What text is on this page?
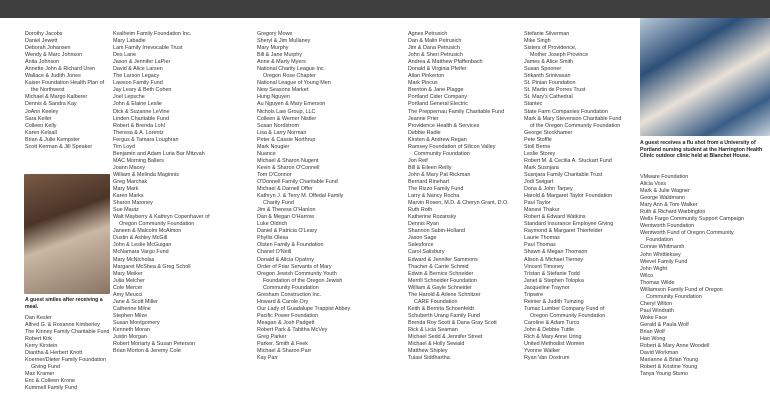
Dorothy Jacobs
Daniel Jewett
Deborah Johansen
Wendy & Marc Johnson
Anita Johnson
Annette John & Richard Uren
Wallace & Judith Jones
Kaiser Foundation Health Plan of
the Northwest
Michael & Margo Kalberer
Dennis & Sandra Kay
JoAnn Keeley
Sara Keller
Colleen Kelly
Karen Kelsall
Brian & Julie Kempster
Scott Kerman & Jill Speaker
A guest smiles after receiving a meal.
Dan Kesler
Alfred G. & Roxanne Kimberley
The Kinney Family Charitable Fund
Robert Kirk
Kerry Kirstein
Diantha & Herbert Knott
Koerner/Dieter Family Foundation
Giving Fund
Max Kramer
Eric & Colleen Krone
Kummell Family Fund
Kvalheim Family Foundation Inc.
Mary Labadie
Lam Family Irrevocable Trust
Des Lane
Jason & Jennifer LaPier
David & Alice Larsen
The Larson Legacy
Lawson Family Fund
Jay Leary & Beth Cohen
Joel Lepsche
John & Elaine Leslie
Dick & Suzanne LeVine
Linden Charitable Fund
Robert & Brenda Lohl
Theresa & A. Lorentz
Fergus & Tamara Loughran
Tim Loyd
Benjamin and Adam Luria Bar Mitzvah
MAC Morning Ballers
Joann Macey
William & Melinda Maginnis
Greg Marchak
Mary Mark
Karen Marks
Sharon Maroney
Sue Mautz
Walt Mayberry & Kathryn Copenhaver of
Oregon Community Foundation
Janeen & Malcolm McAlmon
Dustin & Ashley McGill
John & Leslie McGuigan
McNamara Vargo Fund
Mary McNicholas
Margaret McShea & Greg Scholl
Mary Meiker
Julia Melcher
Cole Mercer
Amy Meucci
Jane & Scott Miller
Catherine Milne
Stephen Milze
Susan Montgomery
Kenneth Moran
Justin Morgan
Robert Moriarty & Susan Peterson
Brian Morton & Jeremy Cole
Gregory Mowe
Sheryl & Jim Mullaney
Mary Murphy
Bill & Jane Murphy
Anne & Marty Myers
National Charity League Inc.
Oregon Rose Chapter
National League of Young Men
New Seasons Market
Hung Nguyen
Au Nguyen & Mary Emerson
Nichols Law Group, LLC
Colleen & Werner Nistler
Susan Nordstrom
Lisa & Larry Norman
Peter & Cassie Northrup
Mark Nougier
Nuance
Michael & Sharon Nugent
Kevin & Sharon O'Connell
Tom O'Connor
O'Donnell Family Charitable Fund
Michael & Darnell Offer
Kathryn J. & Terry M. Offedal Family
Charity Fund
Jim & Theresa O'Hanlon
Dan & Megan O'Harrow
Luke Oldrich
Daniel & Patricia O'Leary
Phyllis Olesa
Olsten Family & Foundation
Chanel O'Neill
Donald & Alicia Opatrny
Order of Friar Servants of Mary
Oregon Jewish Community Youth
Foundation of the Oregon Jewish
Community Foundation
Gresham Construction Inc.
Howard & Carole Ory
Our Lady of Guadalupe Trappist Abbey
Pacific Power Foundation
Meagan & Josh Padgett
Robert Park & Tabitha McVey
Greg Parker
Parker, Smith & Feek
Michael & Sharon Parr
Kay Parr
Agnes Petrusich
Dan & Malin Petrusich
Jim & Dana Petrusich
John & Sheri Petrusich
Andrea & Matthew Pfaffenbach
Donald & Virginia Pfeifer
Allan Pinkerton
Mark Pincus
Brenton & Jane Plagge
Portland Cider Company
Portland General Electric
The Preppernau Family Charitable Fund
Jeanne Prier
Providence Health & Services
Debbie Radle
Kirsten & Andrew Regan
Ramsey Foundation of Silicon Valley
Community Foundation
Jon Reif
Bill & Eileen Reilly
John & Mary Pat Rickman
Bernard Rinehart
The Rizzo Family Fund
Larry & Nancy Rocha
Marvin Rosen, M.D. & Cheryn Grant, D.O.
Ruth Roth
Katherine Rozansky
Dennis Ryan
Shannon Sabin-Holland
Jason Sage
Salesforce
Carol Salisbury
Edward & Jennifer Sammons
Thacher & Carrie Schmid
Edwin & Bernice Schneider
Merrill Schneider Foundation
William & Gayle Schneider
The Harold & Arlene Schnitzer
CARE Foundation
Keith & Bernita Schoenfeldt
Schuberth Urang Family Fund
Brenda Roy Scott & Dana Gray Scott
Rick & Licia Seaman
Michael Sedd & Jennifer Street
Michael & Holly Sewald
Matthew Shipley
Tulasi Siddhartha
Stefanie Silverman
Mike Singh
Sisters of Providence,
Mother Joseph Province
James & Alice Smith
Susan Spooner
Srikanth Srinivasan
St. Pinian Foundation
St. Martin de Porres Trust
St. Mary's Cathedral
Stantec
State Farm Companies Foundation
Mark & Mary Stevenson Charitable Fund
of the Oregon Community Foundation
George Stockhamer
Pete Stoffle
Stoll Berne
Leslie Storey
Robert M. & Cecilia A. Stuckart Fund
Mark Susnjara
Susnjara Family Charitable Trust
Jodi Swigart
Dona & John Tarpey
Harold & Margaret Taylor Foundation
Paul Taylor
Manavi Thakur
Robert & Edward Watkins
Standard Insurance Employee Giving
Raymond & Margaret Thierfelder
Laurie Thomas
Paul Thomas
Shawn & Megan Thomson
Alison & Michael Tierney
Vincent Timoney
Tristan & Stefanie Todd
Janet & Stephen Tolopka
Jacqueline Traynor
Tripwire
Reinier & Judith Tuinzing
Tumac Lumber Company Fund of
Oregon Community Foundation
Caroline & Adam Turco
John & Debbie Tuttle
Rich & Mary Anne Uring
United Methodist Women
Yvonne Walker
Ryan Van Oostrum
A guest receives a flu shot from a University of Portland nursing student at the Harrington Health Clinic outdoor clinic held at Blanchet House.
VMware Foundation
Alicia Voss
Mark & Julie Wagner
George Waldmann
Mary Ann & Tom Walker
Ruth & Richard Warbington
Wells Fargo Community Support Campaign
Wentworth Foundation
Wentworth Fund of Oregon Community
Foundation
Connie Whitmarsh
John Whittleksey
Wievel Family Fund
John Wight
Wilco
Thomas Wilde
Williamson Family Fund of Oregon
Community Foundation
Cheryl Wilton
Paul Windrath
Woke Face
Gerald & Paula Wolf
Brian Wolf
Hao Wong
Robert & Mary Anne Woodell
David Workman
Marianne & Brian Young
Robert & Kristine Young
Tanya Young Stumo
